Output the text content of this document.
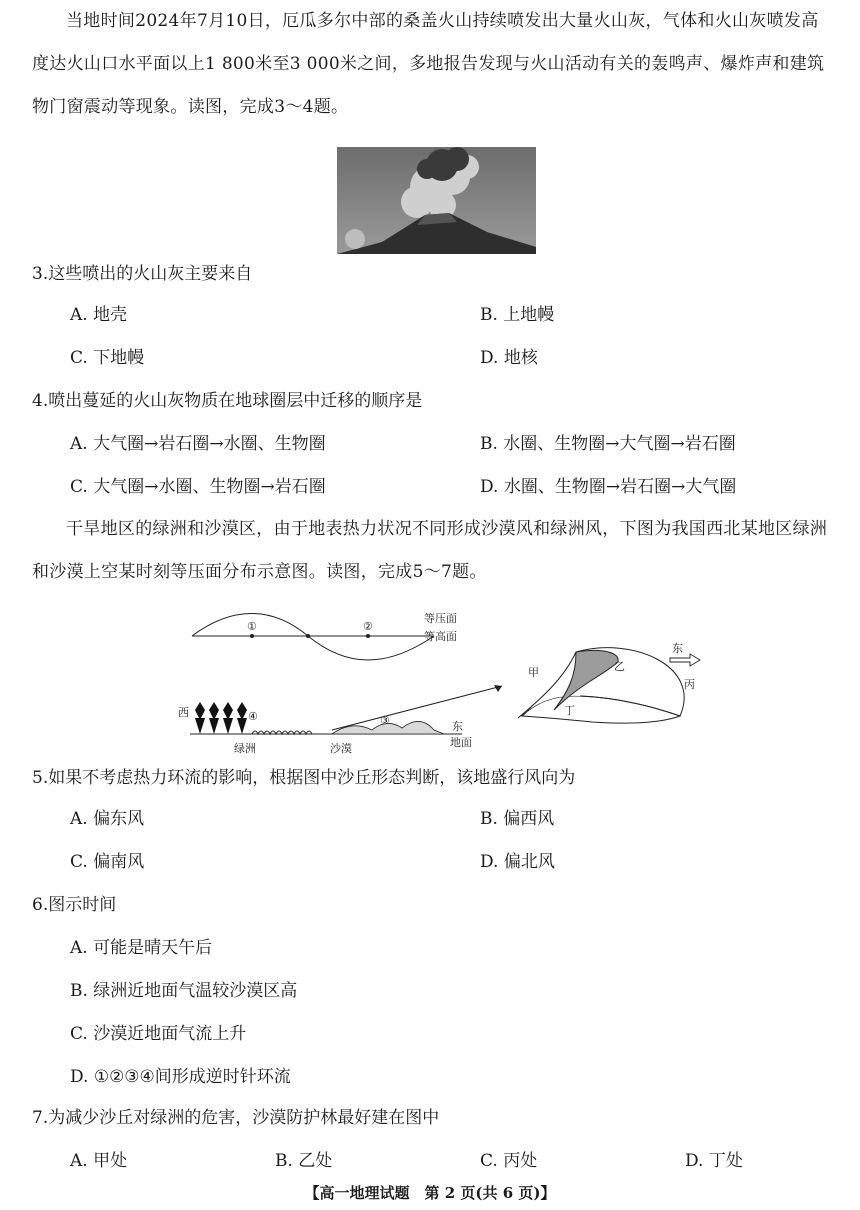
当地时间2024年7月10日，厄瓜多尔中部的桑盖火山持续喷发出大量火山灰，气体和火山灰喷发高度达火山口水平面以上1 800米至3 000米之间，多地报告发现与火山活动有关的轰鸣声、爆炸声和建筑物门窗震动等现象。读图，完成3～4题。
3.这些喷出的火山灰主要来自
A. 地壳	B. 上地幔
C. 下地幔	D. 地核
4.喷出蔓延的火山灰物质在地球圈层中迁移的顺序是
A. 大气圈→岩石圈→水圈、生物圈	B. 水圈、生物圈→大气圈→岩石圈
C. 大气圈→水圈、生物圈→岩石圈	D. 水圈、生物圈→岩石圈→大气圈
干旱地区的绿洲和沙漠区，由于地表热力状况不同形成沙漠风和绿洲风，下图为我国西北某地区绿洲和沙漠上空某时刻等压面分布示意图。读图，完成5～7题。
①	②
等压面
等高面
西	④	③	东
地面
绿洲	沙漠
甲	乙
丙
丁
东
5.如果不考虑热力环流的影响，根据图中沙丘形态判断，该地盛行风向为
A. 偏东风	B. 偏西风
C. 偏南风	D. 偏北风
6.图示时间
A. 可能是晴天午后
B. 绿洲近地面气温较沙漠区高
C. 沙漠近地面气流上升
D. ①②③④间形成逆时针环流
7.为减少沙丘对绿洲的危害，沙漠防护林最好建在图中
A. 甲处	B. 乙处	C. 丙处	D. 丁处
【高一地理试题　第 2 页(共 6 页)】
